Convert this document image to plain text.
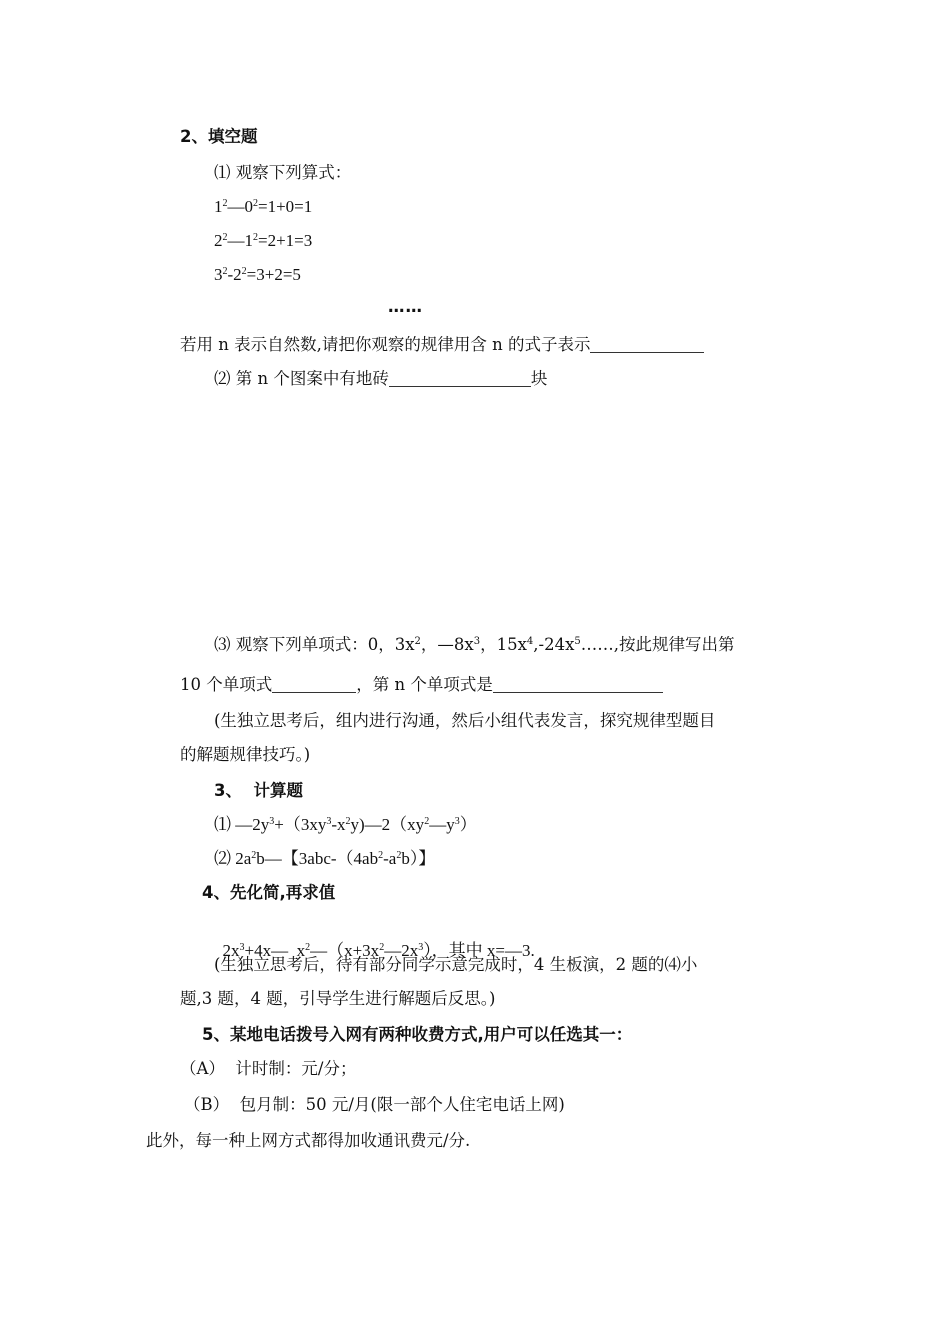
2、填空题
⑴ 观察下列算式：
$1^2—0^2=1+0=1$
$2^2—1^2=2+1=3$
$3^2-2^2=3+2=5$
……
若用 n 表示自然数,请把你观察的规律用含 n 的式子表示
⑵ 第 n 个图案中有地砖	块
⑶ 观察下列单项式：0，$3x^2$，$—8x^3$，$15x^4,-24x^5\dots\dots$,按此规律写出第
10 个单项式	，第 n 个单项式是
(生独立思考后，组内进行沟通，然后小组代表发言，探究规律型题目
的解题规律技巧。)
3、  计算题
⑴ $—2y^3+(3xy^3-x^2y)—2(xy^2—y^3)$
⑵ $2a^2b—$【$3abc-(4ab^2-a^2b)$】
4、先化简,再求值

$2x^3+4x—$  $x^2—(x+3x^2—2x^3)$，其中 x=—3.

(生独立思考后，待有部分同学示意完成时，4 生板演，2 题的⑷小
题,3 题，4 题，引导学生进行解题后反思。)
5、某地电话拨号入网有两种收费方式,用户可以任选其一：
（A）  计时制：元/分；
（B）  包月制：50 元/月(限一部个人住宅电话上网)
此外，每一种上网方式都得加收通讯费元/分.
